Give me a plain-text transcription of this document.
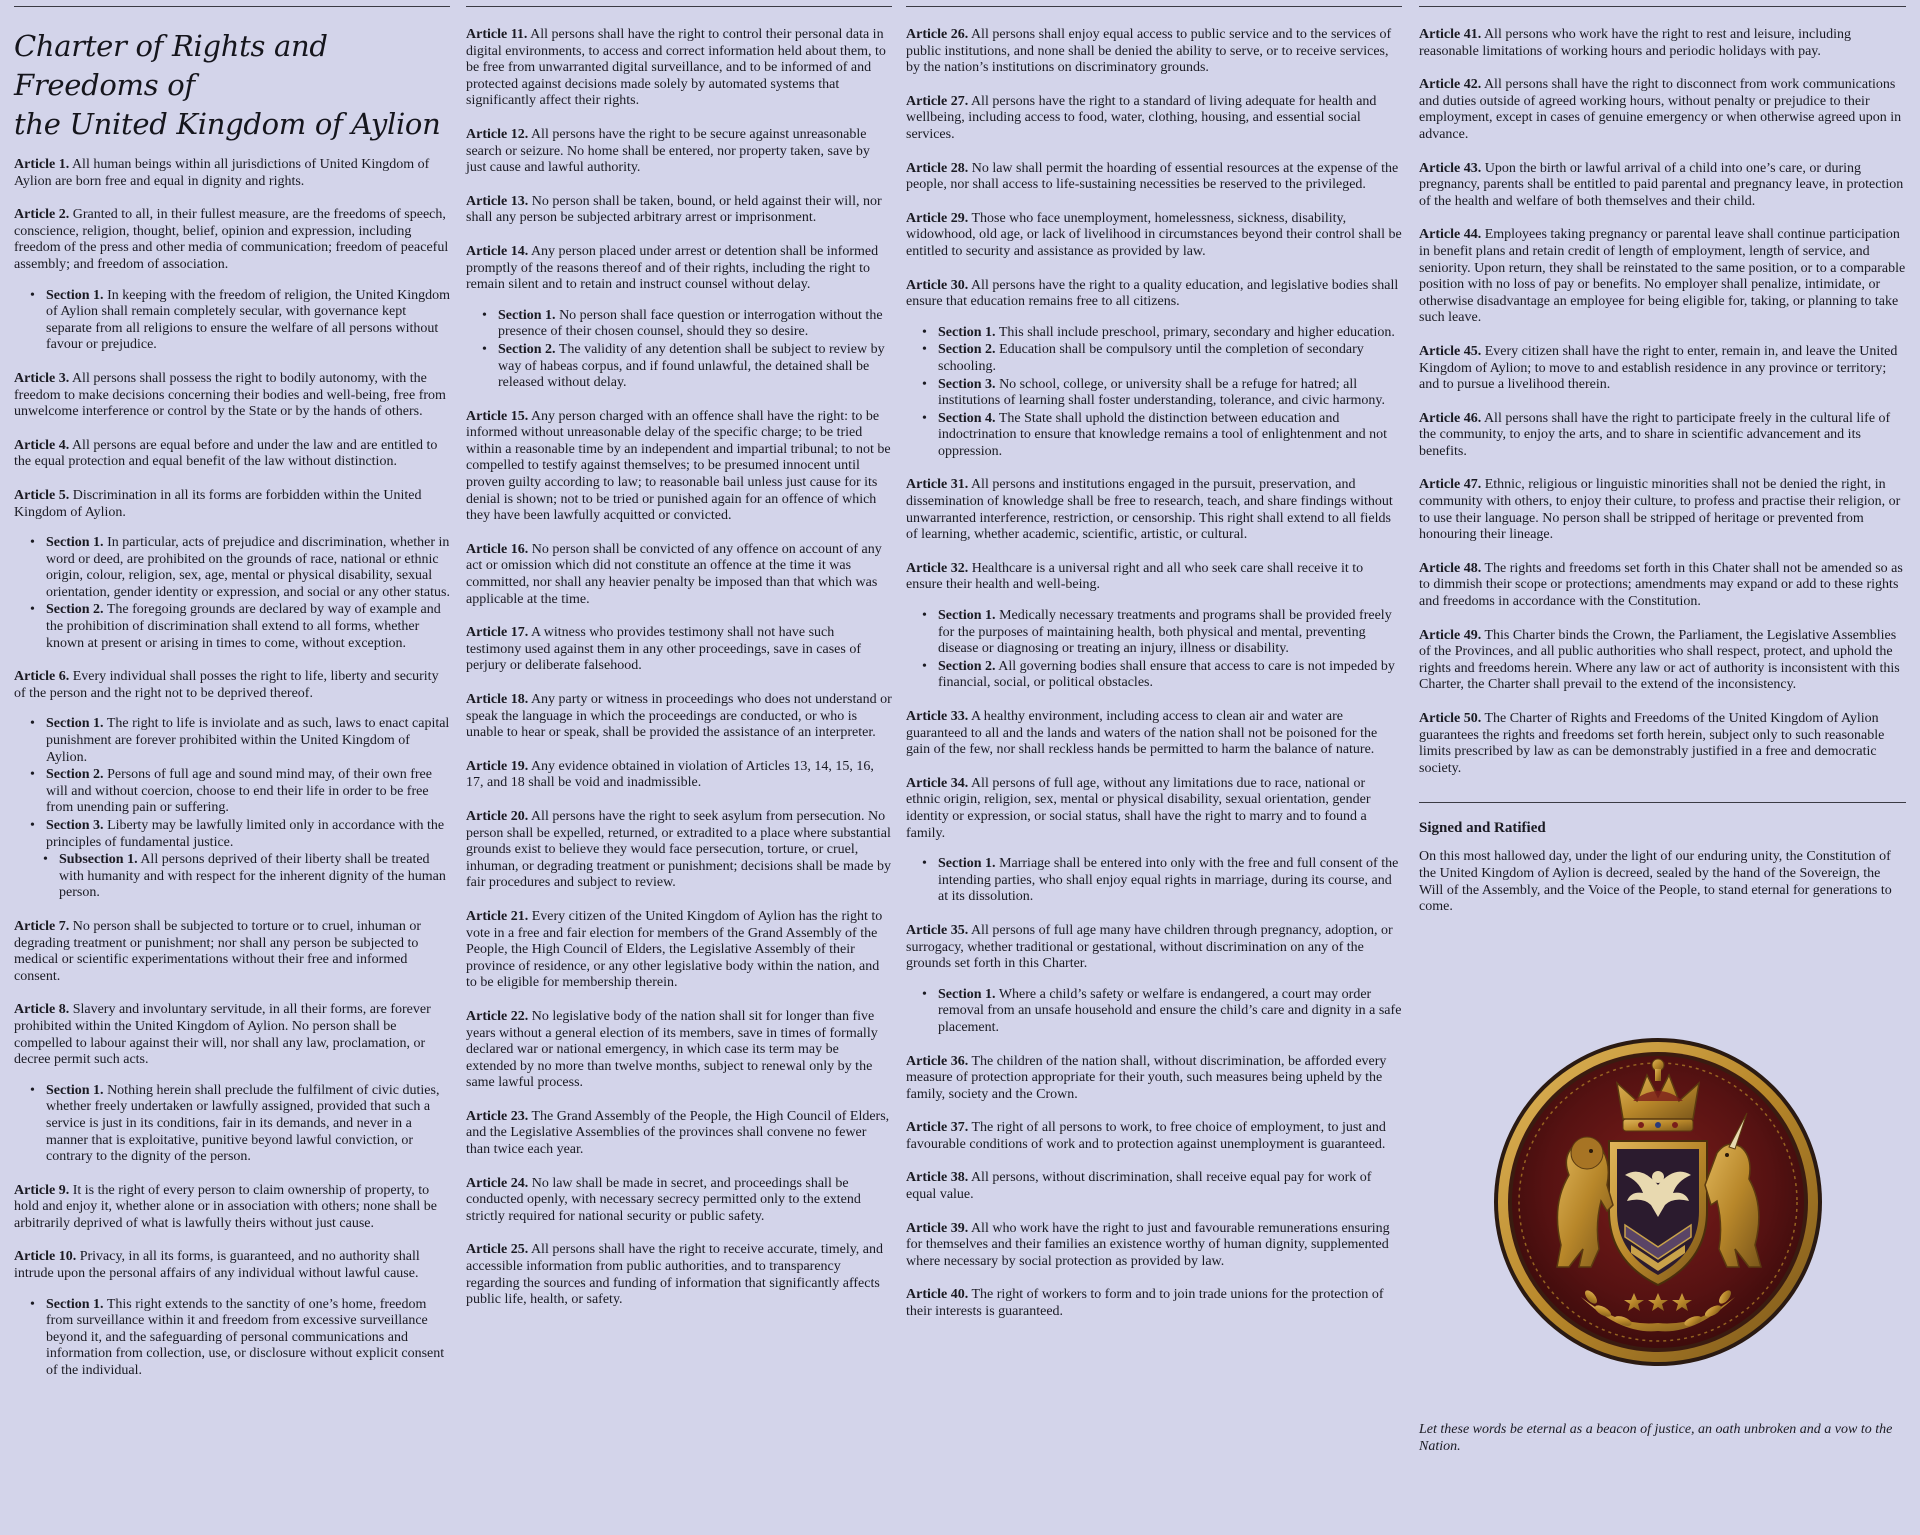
Charter of Rights and Freedoms of
the United Kingdom of Aylion

Article 1. All human beings within all jurisdictions of United Kingdom of Aylion are born free and equal in dignity and rights.

Article 2. Granted to all, in their fullest measure, are the freedoms of speech, conscience, religion, thought, belief, opinion and expression, including freedom of the press and other media of communication; freedom of peaceful assembly; and freedom of association.

• Section 1. In keeping with the freedom of religion, the United Kingdom of Aylion shall remain completely secular, with governance kept separate from all religions to ensure the welfare of all persons without favour or prejudice.

Article 3. All persons shall possess the right to bodily autonomy, with the freedom to make decisions concerning their bodies and well-being, free from unwelcome interference or control by the State or by the hands of others.

Article 4. All persons are equal before and under the law and are entitled to the equal protection and equal benefit of the law without distinction.

Article 5. Discrimination in all its forms are forbidden within the United Kingdom of Aylion.

• Section 1. In particular, acts of prejudice and discrimination, whether in word or deed, are prohibited on the grounds of race, national or ethnic origin, colour, religion, sex, age, mental or physical disability, sexual orientation, gender identity or expression, and social or any other status.
• Section 2. The foregoing grounds are declared by way of example and the prohibition of discrimination shall extend to all forms, whether known at present or arising in times to come, without exception.

Article 6. Every individual shall posses the right to life, liberty and security of the person and the right not to be deprived thereof.

• Section 1. The right to life is inviolate and as such, laws to enact capital punishment are forever prohibited within the United Kingdom of Aylion.
• Section 2. Persons of full age and sound mind may, of their own free will and without coercion, choose to end their life in order to be free from unending pain or suffering.
• Section 3. Liberty may be lawfully limited only in accordance with the principles of fundamental justice.
• Subsection 1. All persons deprived of their liberty shall be treated with humanity and with respect for the inherent dignity of the human person.

Article 7. No person shall be subjected to torture or to cruel, inhuman or degrading treatment or punishment; nor shall any person be subjected to medical or scientific experimentations without their free and informed consent.

Article 8. Slavery and involuntary servitude, in all their forms, are forever prohibited within the United Kingdom of Aylion. No person shall be compelled to labour against their will, nor shall any law, proclamation, or decree permit such acts.

• Section 1. Nothing herein shall preclude the fulfilment of civic duties, whether freely undertaken or lawfully assigned, provided that such a service is just in its conditions, fair in its demands, and never in a manner that is exploitative, punitive beyond lawful conviction, or contrary to the dignity of the person.

Article 9. It is the right of every person to claim ownership of property, to hold and enjoy it, whether alone or in association with others; none shall be arbitrarily deprived of what is lawfully theirs without just cause.

Article 10. Privacy, in all its forms, is guaranteed, and no authority shall intrude upon the personal affairs of any individual without lawful cause.

• Section 1. This right extends to the sanctity of one’s home, freedom from surveillance within it and freedom from excessive surveillance beyond it, and the safeguarding of personal communications and information from collection, use, or disclosure without explicit consent of the individual.

Article 11. All persons shall have the right to control their personal data in digital environments, to access and correct information held about them, to be free from unwarranted digital surveillance, and to be informed of and protected against decisions made solely by automated systems that significantly affect their rights.

Article 12. All persons have the right to be secure against unreasonable search or seizure. No home shall be entered, nor property taken, save by just cause and lawful authority.

Article 13. No person shall be taken, bound, or held against their will, nor shall any person be subjected arbitrary arrest or imprisonment.

Article 14. Any person placed under arrest or detention shall be informed promptly of the reasons thereof and of their rights, including the right to remain silent and to retain and instruct counsel without delay.

• Section 1. No person shall face question or interrogation without the presence of their chosen counsel, should they so desire.
• Section 2. The validity of any detention shall be subject to review by way of habeas corpus, and if found unlawful, the detained shall be released without delay.

Article 15. Any person charged with an offence shall have the right: to be informed without unreasonable delay of the specific charge; to be tried within a reasonable time by an independent and impartial tribunal; to not be compelled to testify against themselves; to be presumed innocent until proven guilty according to law; to reasonable bail unless just cause for its denial is shown; not to be tried or punished again for an offence of which they have been lawfully acquitted or convicted.

Article 16. No person shall be convicted of any offence on account of any act or omission which did not constitute an offence at the time it was committed, nor shall any heavier penalty be imposed than that which was applicable at the time.

Article 17. A witness who provides testimony shall not have such testimony used against them in any other proceedings, save in cases of perjury or deliberate falsehood.

Article 18. Any party or witness in proceedings who does not understand or speak the language in which the proceedings are conducted, or who is unable to hear or speak, shall be provided the assistance of an interpreter.

Article 19. Any evidence obtained in violation of Articles 13, 14, 15, 16, 17, and 18 shall be void and inadmissible.

Article 20. All persons have the right to seek asylum from persecution. No person shall be expelled, returned, or extradited to a place where substantial grounds exist to believe they would face persecution, torture, or cruel, inhuman, or degrading treatment or punishment; decisions shall be made by fair procedures and subject to review.

Article 21. Every citizen of the United Kingdom of Aylion has the right to vote in a free and fair election for members of the Grand Assembly of the People, the High Council of Elders, the Legislative Assembly of their province of residence, or any other legislative body within the nation, and to be eligible for membership therein.

Article 22. No legislative body of the nation shall sit for longer than five years without a general election of its members, save in times of formally declared war or national emergency, in which case its term may be extended by no more than twelve months, subject to renewal only by the same lawful process.

Article 23. The Grand Assembly of the People, the High Council of Elders, and the Legislative Assemblies of the provinces shall convene no fewer than twice each year.

Article 24. No law shall be made in secret, and proceedings shall be conducted openly, with necessary secrecy permitted only to the extend strictly required for national security or public safety.

Article 25. All persons shall have the right to receive accurate, timely, and accessible information from public authorities, and to transparency regarding the sources and funding of information that significantly affects public life, health, or safety.

Article 26. All persons shall enjoy equal access to public service and to the services of public institutions, and none shall be denied the ability to serve, or to receive services, by the nation’s institutions on discriminatory grounds.

Article 27. All persons have the right to a standard of living adequate for health and wellbeing, including access to food, water, clothing, housing, and essential social services.

Article 28. No law shall permit the hoarding of essential resources at the expense of the people, nor shall access to life-sustaining necessities be reserved to the privileged.

Article 29. Those who face unemployment, homelessness, sickness, disability, widowhood, old age, or lack of livelihood in circumstances beyond their control shall be entitled to security and assistance as provided by law.

Article 30. All persons have the right to a quality education, and legislative bodies shall ensure that education remains free to all citizens.

• Section 1. This shall include preschool, primary, secondary and higher education.
• Section 2. Education shall be compulsory until the completion of secondary schooling.
• Section 3. No school, college, or university shall be a refuge for hatred; all institutions of learning shall foster understanding, tolerance, and civic harmony.
• Section 4. The State shall uphold the distinction between education and indoctrination to ensure that knowledge remains a tool of enlightenment and not oppression.

Article 31. All persons and institutions engaged in the pursuit, preservation, and dissemination of knowledge shall be free to research, teach, and share findings without unwarranted interference, restriction, or censorship. This right shall extend to all fields of learning, whether academic, scientific, artistic, or cultural.

Article 32. Healthcare is a universal right and all who seek care shall receive it to ensure their health and well-being.

• Section 1. Medically necessary treatments and programs shall be provided freely for the purposes of maintaining health, both physical and mental, preventing disease or diagnosing or treating an injury, illness or disability.
• Section 2. All governing bodies shall ensure that access to care is not impeded by financial, social, or political obstacles.

Article 33. A healthy environment, including access to clean air and water are guaranteed to all and the lands and waters of the nation shall not be poisoned for the gain of the few, nor shall reckless hands be permitted to harm the balance of nature.

Article 34. All persons of full age, without any limitations due to race, national or ethnic origin, religion, sex, mental or physical disability, sexual orientation, gender identity or expression, or social status, shall have the right to marry and to found a family.

• Section 1. Marriage shall be entered into only with the free and full consent of the intending parties, who shall enjoy equal rights in marriage, during its course, and at its dissolution.

Article 35. All persons of full age many have children through pregnancy, adoption, or surrogacy, whether traditional or gestational, without discrimination on any of the grounds set forth in this Charter.

• Section 1. Where a child’s safety or welfare is endangered, a court may order removal from an unsafe household and ensure the child’s care and dignity in a safe placement.

Article 36. The children of the nation shall, without discrimination, be afforded every measure of protection appropriate for their youth, such measures being upheld by the family, society and the Crown.

Article 37. The right of all persons to work, to free choice of employment, to just and favourable conditions of work and to protection against unemployment is guaranteed.

Article 38. All persons, without discrimination, shall receive equal pay for work of equal value.

Article 39. All who work have the right to just and favourable remunerations ensuring for themselves and their families an existence worthy of human dignity, supplemented where necessary by social protection as provided by law.

Article 40. The right of workers to form and to join trade unions for the protection of their interests is guaranteed.

Article 41. All persons who work have the right to rest and leisure, including reasonable limitations of working hours and periodic holidays with pay.

Article 42. All persons shall have the right to disconnect from work communications and duties outside of agreed working hours, without penalty or prejudice to their employment, except in cases of genuine emergency or when otherwise agreed upon in advance.

Article 43. Upon the birth or lawful arrival of a child into one’s care, or during pregnancy, parents shall be entitled to paid parental and pregnancy leave, in protection of the health and welfare of both themselves and their child.

Article 44. Employees taking pregnancy or parental leave shall continue participation in benefit plans and retain credit of length of employment, length of service, and seniority. Upon return, they shall be reinstated to the same position, or to a comparable position with no loss of pay or benefits. No employer shall penalize, intimidate, or otherwise disadvantage an employee for being eligible for, taking, or planning to take such leave.

Article 45. Every citizen shall have the right to enter, remain in, and leave the United Kingdom of Aylion; to move to and establish residence in any province or territory; and to pursue a livelihood therein.

Article 46. All persons shall have the right to participate freely in the cultural life of the community, to enjoy the arts, and to share in scientific advancement and its benefits.

Article 47. Ethnic, religious or linguistic minorities shall not be denied the right, in community with others, to enjoy their culture, to profess and practise their religion, or to use their language. No person shall be stripped of heritage or prevented from honouring their lineage.

Article 48. The rights and freedoms set forth in this Chater shall not be amended so as to dimmish their scope or protections; amendments may expand or add to these rights and freedoms in accordance with the Constitution.

Article 49. This Charter binds the Crown, the Parliament, the Legislative Assemblies of the Provinces, and all public authorities who shall respect, protect, and uphold the rights and freedoms herein. Where any law or act of authority is inconsistent with this Charter, the Charter shall prevail to the extend of the inconsistency.

Article 50. The Charter of Rights and Freedoms of the United Kingdom of Aylion guarantees the rights and freedoms set forth herein, subject only to such reasonable limits prescribed by law as can be demonstrably justified in a free and democratic society.

Signed and Ratified

On this most hallowed day, under the light of our enduring unity, the Constitution of the United Kingdom of Aylion is decreed, sealed by the hand of the Sovereign, the Will of the Assembly, and the Voice of the People, to stand eternal for generations to come.

Let these words be eternal as a beacon of justice, an oath unbroken and a vow to the Nation.
